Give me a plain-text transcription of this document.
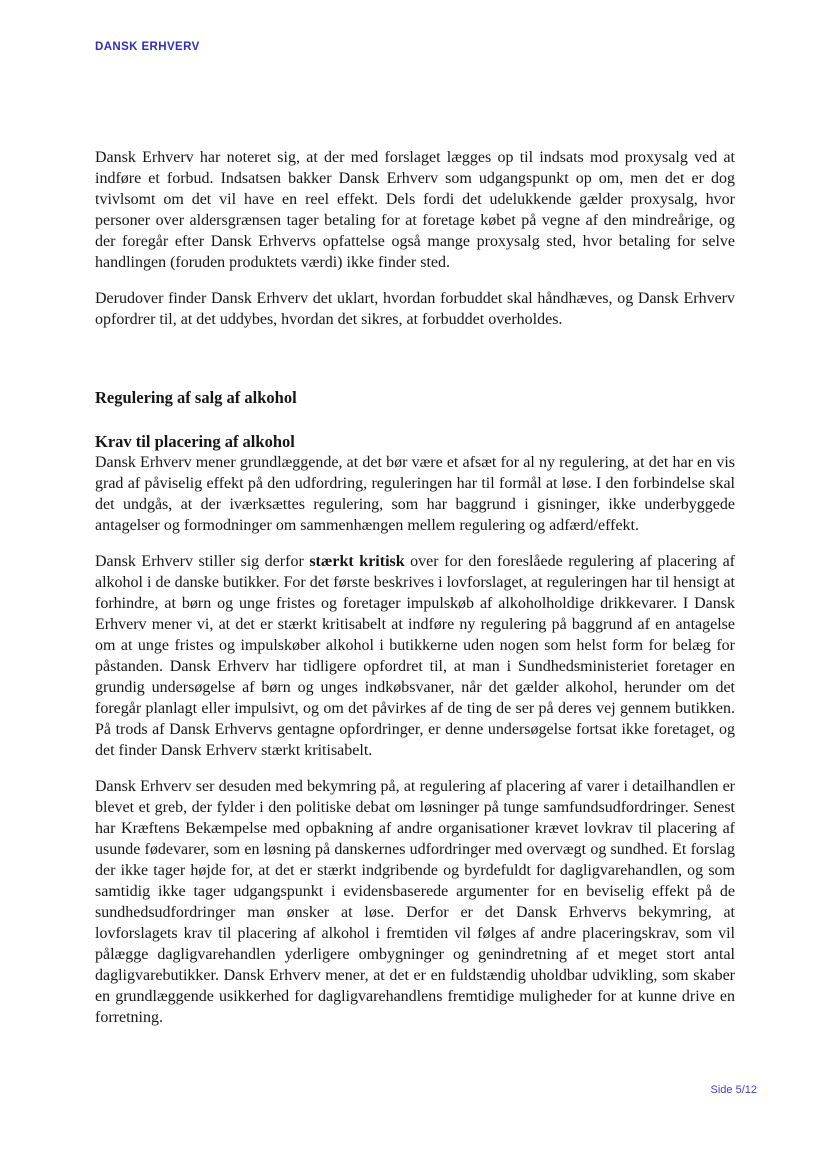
DANSK ERHVERV

Dansk Erhverv har noteret sig, at der med forslaget lægges op til indsats mod proxysalg ved at indføre et forbud. Indsatsen bakker Dansk Erhverv som udgangspunkt op om, men det er dog tvivlsomt om det vil have en reel effekt. Dels fordi det udelukkende gælder proxysalg, hvor personer over aldersgrænsen tager betaling for at foretage købet på vegne af den mindreårige, og der foregår efter Dansk Erhvervs opfattelse også mange proxysalg sted, hvor betaling for selve handlingen (foruden produktets værdi) ikke finder sted.

Derudover finder Dansk Erhverv det uklart, hvordan forbuddet skal håndhæves, og Dansk Erhverv opfordrer til, at det uddybes, hvordan det sikres, at forbuddet overholdes.

Regulering af salg af alkohol
Krav til placering af alkohol

Dansk Erhverv mener grundlæggende, at det bør være et afsæt for al ny regulering, at det har en vis grad af påviselig effekt på den udfordring, reguleringen har til formål at løse. I den forbindelse skal det undgås, at der iværksættes regulering, som har baggrund i gisninger, ikke underbyggede antagelser og formodninger om sammenhængen mellem regulering og adfærd/effekt.

Dansk Erhverv stiller sig derfor stærkt kritisk over for den foreslåede regulering af placering af alkohol i de danske butikker. For det første beskrives i lovforslaget, at reguleringen har til hensigt at forhindre, at børn og unge fristes og foretager impulskøb af alkoholholdige drikkevarer. I Dansk Erhverv mener vi, at det er stærkt kritisabelt at indføre ny regulering på baggrund af en antagelse om at unge fristes og impulskøber alkohol i butikkerne uden nogen som helst form for belæg for påstanden. Dansk Erhverv har tidligere opfordret til, at man i Sundhedsministeriet foretager en grundig undersøgelse af børn og unges indkøbsvaner, når det gælder alkohol, herunder om det foregår planlagt eller impulsivt, og om det påvirkes af de ting de ser på deres vej gennem butikken. På trods af Dansk Erhvervs gentagne opfordringer, er denne undersøgelse fortsat ikke foretaget, og det finder Dansk Erhverv stærkt kritisabelt.

Dansk Erhverv ser desuden med bekymring på, at regulering af placering af varer i detailhandlen er blevet et greb, der fylder i den politiske debat om løsninger på tunge samfundsudfordringer. Senest har Kræftens Bekæmpelse med opbakning af andre organisationer krævet lovkrav til placering af usunde fødevarer, som en løsning på danskernes udfordringer med overvægt og sundhed. Et forslag der ikke tager højde for, at det er stærkt indgribende og byrdefuldt for dagligvarehandlen, og som samtidig ikke tager udgangspunkt i evidensbaserede argumenter for en beviselig effekt på de sundhedsudfordringer man ønsker at løse. Derfor er det Dansk Erhvervs bekymring, at lovforslagets krav til placering af alkohol i fremtiden vil følges af andre placeringskrav, som vil pålægge dagligvarehandlen yderligere ombygninger og genindretning af et meget stort antal dagligvarebutikker. Dansk Erhverv mener, at det er en fuldstændig uholdbar udvikling, som skaber en grundlæggende usikkerhed for dagligvarehandlens fremtidige muligheder for at kunne drive en forretning.

Side 5/12
